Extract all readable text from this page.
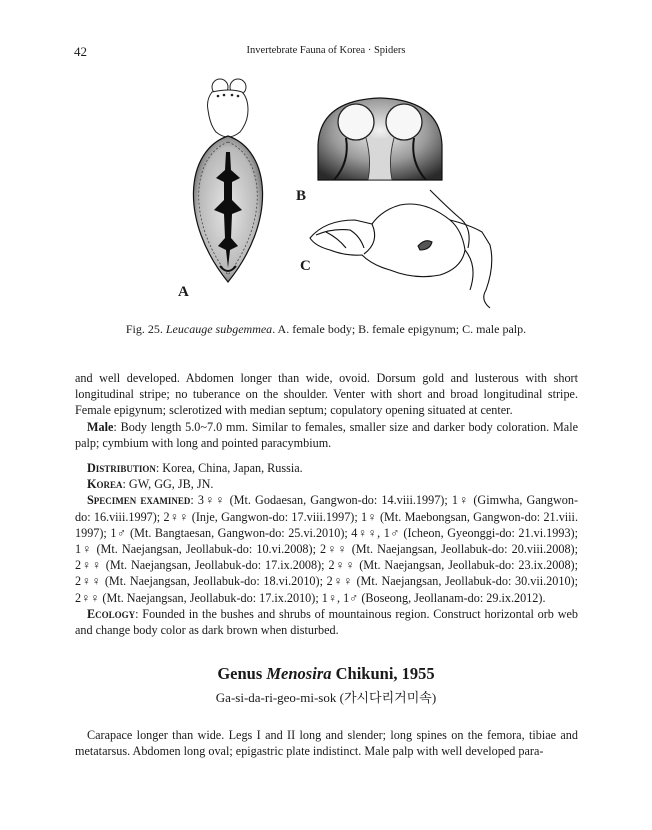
42	Invertebrate Fauna of Korea · Spiders
A
B
C
Fig. 25. Leucauge subgemmea. A. female body; B. female epigynum; C. male palp.

and well developed. Abdomen longer than wide, ovoid. Dorsum gold and lusterous with short longitudinal stripe; no tuberance on the shoulder. Venter with short and broad longitudinal stripe. Female epigynum; sclerotized with median septum; copulatory opening situated at center.

Male: Body length 5.0~7.0 mm. Similar to females, smaller size and darker body coloration. Male palp; cymbium with long and pointed paracymbium.

Distribution: Korea, China, Japan, Russia.

Korea: GW, GG, JB, JN.

Specimen examined: 3♀♀ (Mt. Godaesan, Gangwon-do: 14.viii.1997); 1♀ (Gimwha, Gangwon-do: 16.viii.1997); 2♀♀ (Inje, Gangwon-do: 17.viii.1997); 1♀ (Mt. Maebongsan, Gangwon-do: 21.viii. 1997); 1♂ (Mt. Bangtaesan, Gangwon-do: 25.vi.2010); 4♀♀, 1♂ (Icheon, Gyeonggi-do: 21.vi.1993); 1♀ (Mt. Naejangsan, Jeollabuk-do: 10.vi.2008); 2♀♀ (Mt. Naejangsan, Jeollabuk-do: 20.viii.2008); 2♀♀ (Mt. Naejangsan, Jeollabuk-do: 17.ix.2008); 2♀♀ (Mt. Naejangsan, Jeollabuk-do: 23.ix.2008); 2♀♀ (Mt. Naejangsan, Jeollabuk-do: 18.vi.2010); 2♀♀ (Mt. Naejangsan, Jeollabuk-do: 30.vii.2010); 2♀♀ (Mt. Naejangsan, Jeollabuk-do: 17.ix.2010); 1♀, 1♂ (Boseong, Jeollanam-do: 29.ix.2012).

Ecology: Founded in the bushes and shrubs of mountainous region. Construct horizontal orb web and change body color as dark brown when disturbed.

Genus Menosira Chikuni, 1955
Ga-si-da-ri-geo-mi-sok (가시다리거미속)

Carapace longer than wide. Legs I and II long and slender; long spines on the femora, tibiae and metatarsus. Abdomen long oval; epigastric plate indistinct. Male palp with well developed para-
